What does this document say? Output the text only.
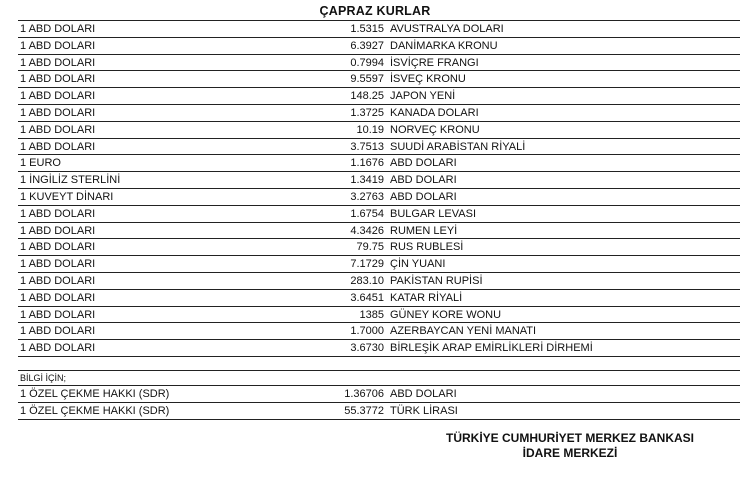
ÇAPRAZ KURLAR
1 ABD DOLARI	1.5315 AVUSTRALYA DOLARI
1 ABD DOLARI	6.3927 DANİMARKA KRONU
1 ABD DOLARI	0.7994 İSVİÇRE FRANGI
1 ABD DOLARI	9.5597 İSVEÇ KRONU
1 ABD DOLARI	148.25 JAPON YENİ
1 ABD DOLARI	1.3725 KANADA DOLARI
1 ABD DOLARI	10.19 NORVEÇ KRONU
1 ABD DOLARI	3.7513 SUUDİ ARABİSTAN RİYALİ
1 EURO	1.1676 ABD DOLARI
1 İNGİLİZ STERLİNİ	1.3419 ABD DOLARI
1 KUVEYT DİNARI	3.2763 ABD DOLARI
1 ABD DOLARI	1.6754 BULGAR LEVASI
1 ABD DOLARI	4.3426 RUMEN LEYİ
1 ABD DOLARI	79.75 RUS RUBLESİ
1 ABD DOLARI	7.1729 ÇİN YUANI
1 ABD DOLARI	283.10 PAKİSTAN RUPİSİ
1 ABD DOLARI	3.6451 KATAR RİYALİ
1 ABD DOLARI	1385 GÜNEY KORE WONU
1 ABD DOLARI	1.7000 AZERBAYCAN YENİ MANATI
1 ABD DOLARI	3.6730 BİRLEŞİK ARAP EMİRLİKLERİ DİRHEMİ
BİLGİ İÇİN;
1 ÖZEL ÇEKME HAKKI (SDR)	1.36706 ABD DOLARI
1 ÖZEL ÇEKME HAKKI (SDR)	55.3772 TÜRK LİRASI
TÜRKİYE CUMHURİYET MERKEZ BANKASI
İDARE MERKEZİ
